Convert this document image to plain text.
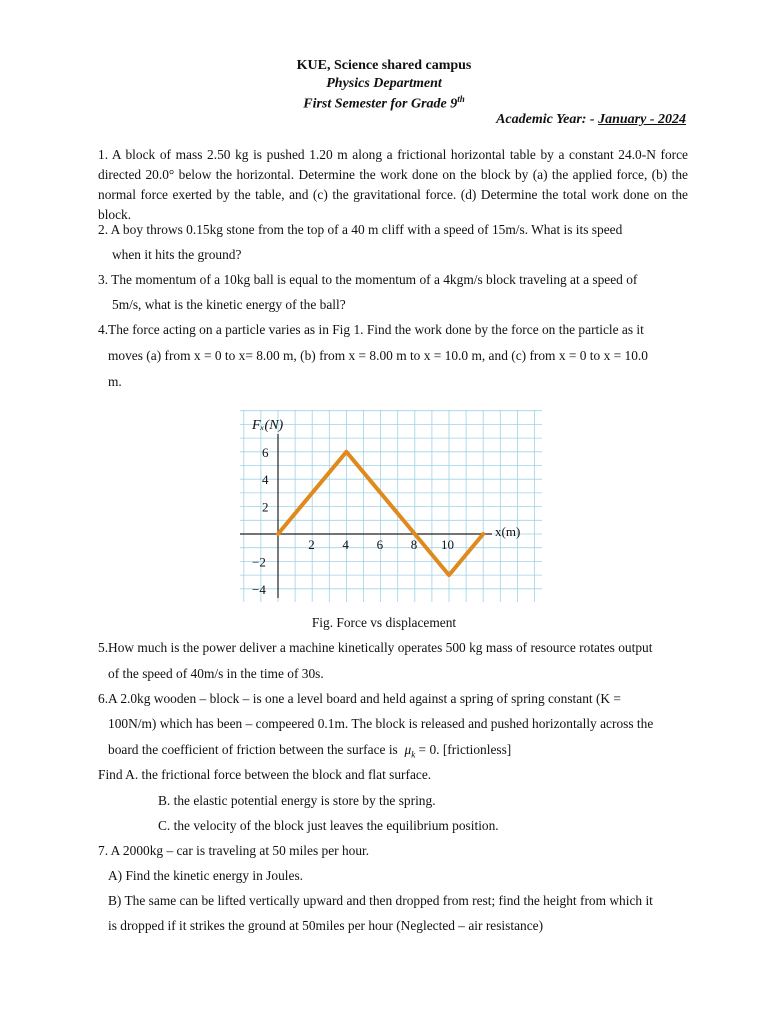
KUE, Science shared campus
Physics Department
First Semester for Grade 9th
Academic Year: - January - 2024
1. A block of mass 2.50 kg is pushed 1.20 m along a frictional horizontal table by a constant 24.0-N force directed 20.0° below the horizontal. Determine the work done on the block by (a) the applied force, (b) the normal force exerted by the table, and (c) the gravitational force. (d) Determine the total work done on the block.
2. A boy throws 0.15kg stone from the top of a 40 m cliff with a speed of 15m/s. What is its speed
when it hits the ground?
3. The momentum of a 10kg ball is equal to the momentum of a 4kgm/s block traveling at a speed of
5m/s, what is the kinetic energy of the ball?
4.The force acting on a particle varies as in Fig 1. Find the work done by the force on the particle as it
moves (a) from x = 0 to x= 8.00 m, (b) from x = 8.00 m to x = 10.0 m, and (c) from x = 0 to x = 10.0
m.
2 4 6 8 10
6
4
2
−2
−4
Fₓ(N)
x(m)
Fig. Force vs displacement
5.How much is the power deliver a machine kinetically operates 500 kg mass of resource rotates output
of the speed of 40m/s in the time of 30s.
6.A 2.0kg wooden – block – is one a level board and held against a spring of spring constant (K =
100N/m) which has been – compeered 0.1m. The block is released and pushed horizontally across the
board the coefficient of friction between the surface is $\mu_k = 0$. [frictionless]
Find A. the frictional force between the block and flat surface.
B. the elastic potential energy is store by the spring.
C. the velocity of the block just leaves the equilibrium position.
7. A 2000kg – car is traveling at 50 miles per hour.
A) Find the kinetic energy in Joules.
B) The same can be lifted vertically upward and then dropped from rest; find the height from which it
is dropped if it strikes the ground at 50miles per hour (Neglected – air resistance)
